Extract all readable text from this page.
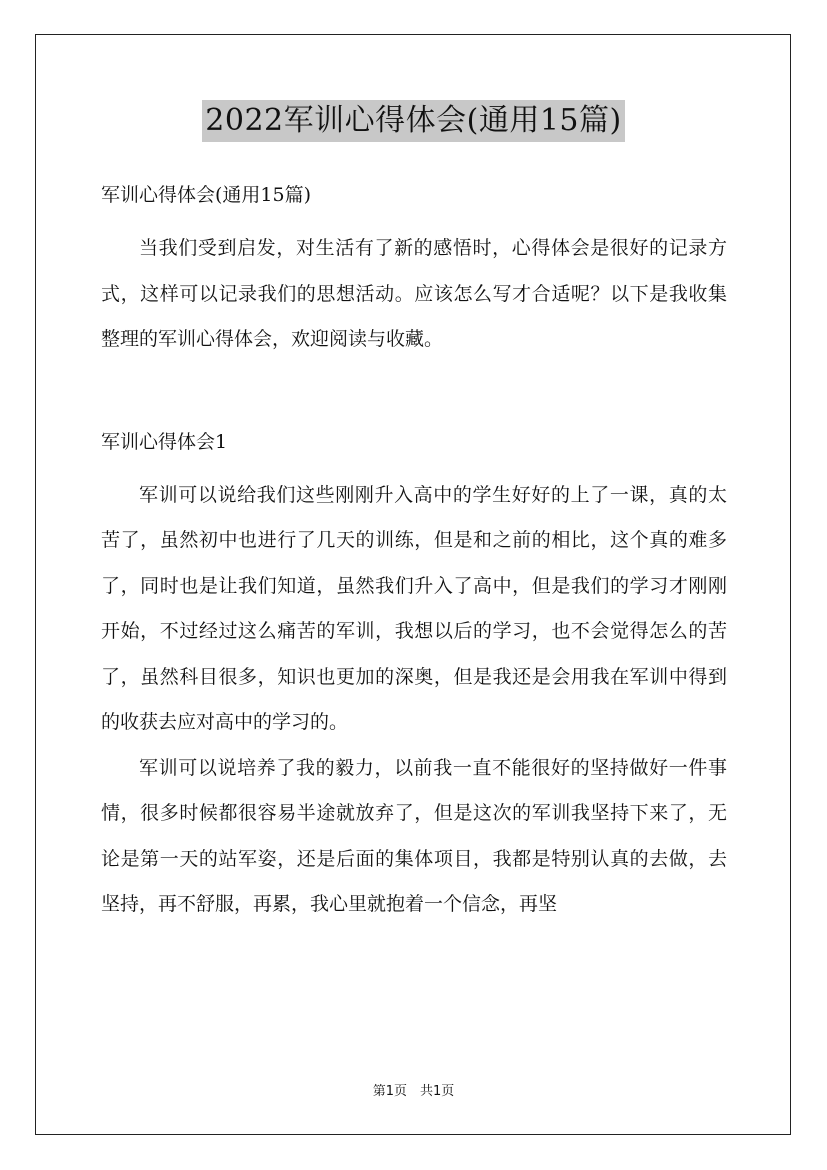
2022军训心得体会(通用15篇)

军训心得体会(通用15篇)

当我们受到启发，对生活有了新的感悟时，心得体会是很好的记录方式，这样可以记录我们的思想活动。应该怎么写才合适呢？以下是我收集整理的军训心得体会，欢迎阅读与收藏。

军训心得体会1

军训可以说给我们这些刚刚升入高中的学生好好的上了一课，真的太苦了，虽然初中也进行了几天的训练，但是和之前的相比，这个真的难多了，同时也是让我们知道，虽然我们升入了高中，但是我们的学习才刚刚开始，不过经过这么痛苦的军训，我想以后的学习，也不会觉得怎么的苦了，虽然科目很多，知识也更加的深奥，但是我还是会用我在军训中得到的收获去应对高中的学习的。

军训可以说培养了我的毅力，以前我一直不能很好的坚持做好一件事情，很多时候都很容易半途就放弃了，但是这次的军训我坚持下来了，无论是第一天的站军姿，还是后面的集体项目，我都是特别认真的去做，去坚持，再不舒服，再累，我心里就抱着一个信念，再坚

第1页　共1页
